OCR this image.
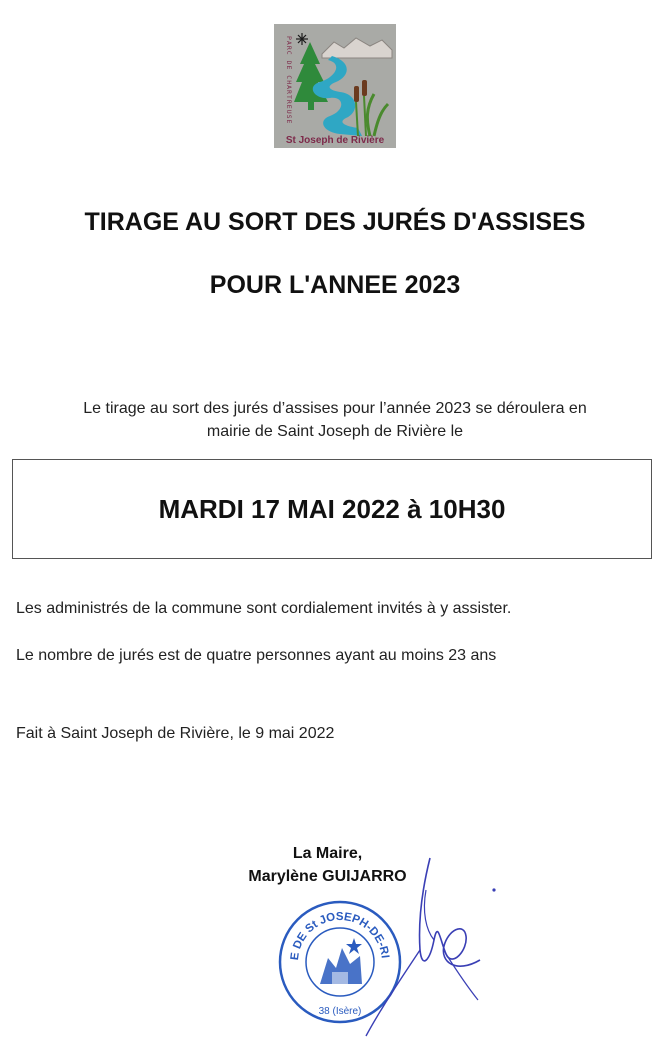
PARC DE CHARTREUSE
St Joseph de Rivière
TIRAGE AU SORT DES JURÉS D'ASSISES
POUR L'ANNEE 2023
Le tirage au sort des jurés d’assises pour l’année 2023 se déroulera en
mairie de Saint Joseph de Rivière le
MARDI 17 MAI 2022 à 10H30

Les administrés de la commune sont cordialement invités à y assister.

Le nombre de jurés est de quatre personnes ayant au moins 23 ans

Fait à Saint Joseph de Rivière, le 9 mai 2022

La Maire,
Marylène GUIJARRO
E DE St JOSEPH-DE-RI
38 (Isère)
